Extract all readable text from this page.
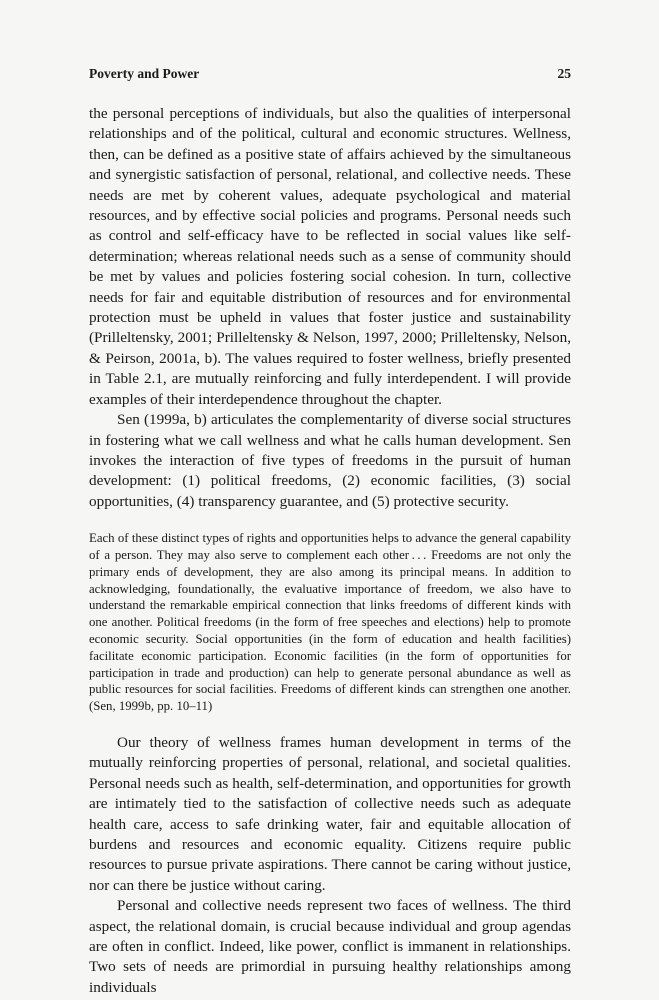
Poverty and Power	25

the personal perceptions of individuals, but also the qualities of interpersonal relationships and of the political, cultural and economic structures. Wellness, then, can be defined as a positive state of affairs achieved by the simultaneous and synergistic satisfaction of personal, relational, and collective needs. These needs are met by coherent values, adequate psychological and material resources, and by effective social policies and programs. Personal needs such as control and self-efficacy have to be reflected in social values like self-determination; whereas relational needs such as a sense of community should be met by values and policies fostering social cohesion. In turn, collective needs for fair and equitable distribution of resources and for environmental protection must be upheld in values that foster justice and sustainability (Prilleltensky, 2001; Prilleltensky & Nelson, 1997, 2000; Prilleltensky, Nelson, & Peirson, 2001a, b). The values required to foster wellness, briefly presented in Table 2.1, are mutually reinforcing and fully interdependent. I will provide examples of their interdependence throughout the chapter.

Sen (1999a, b) articulates the complementarity of diverse social structures in fostering what we call wellness and what he calls human development. Sen invokes the interaction of five types of freedoms in the pursuit of human development: (1) political freedoms, (2) economic facilities, (3) social opportunities, (4) transparency guarantee, and (5) protective security.

Each of these distinct types of rights and opportunities helps to advance the general capability of a person. They may also serve to complement each other . . . Freedoms are not only the primary ends of development, they are also among its principal means. In addition to acknowledging, foundationally, the evaluative importance of freedom, we also have to understand the remarkable empirical connection that links freedoms of different kinds with one another. Political freedoms (in the form of free speeches and elections) help to promote economic security. Social opportunities (in the form of education and health facilities) facilitate economic participation. Economic facilities (in the form of opportunities for participation in trade and production) can help to generate personal abundance as well as public resources for social facilities. Freedoms of different kinds can strengthen one another. (Sen, 1999b, pp. 10–11)

Our theory of wellness frames human development in terms of the mutually reinforcing properties of personal, relational, and societal qualities. Personal needs such as health, self-determination, and opportunities for growth are intimately tied to the satisfaction of collective needs such as adequate health care, access to safe drinking water, fair and equitable allocation of burdens and resources and economic equality. Citizens require public resources to pursue private aspirations. There cannot be caring without justice, nor can there be justice without caring.

Personal and collective needs represent two faces of wellness. The third aspect, the relational domain, is crucial because individual and group agendas are often in conflict. Indeed, like power, conflict is immanent in relationships. Two sets of needs are primordial in pursuing healthy relationships among individuals
